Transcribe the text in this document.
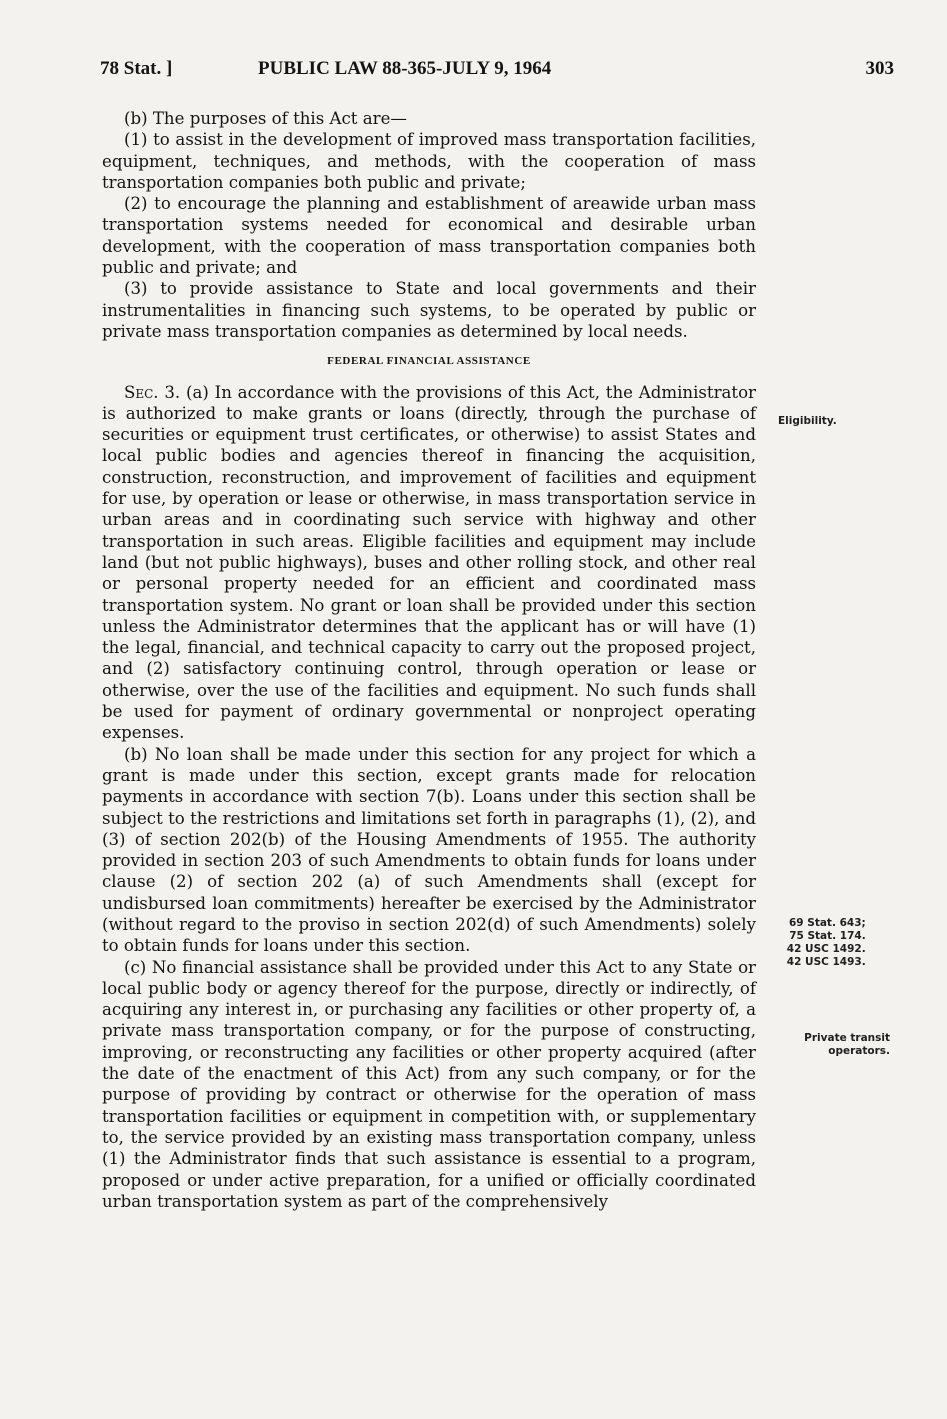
78 Stat. ]	PUBLIC LAW 88-365-JULY 9, 1964	303

(b) The purposes of this Act are—

(1) to assist in the development of improved mass transportation facilities, equipment, techniques, and methods, with the cooperation of mass transportation companies both public and private;

(2) to encourage the planning and establishment of areawide urban mass transportation systems needed for economical and desirable urban development, with the cooperation of mass transportation companies both public and private; and

(3) to provide assistance to State and local governments and their instrumentalities in financing such systems, to be operated by public or private mass transportation companies as determined by local needs.

FEDERAL FINANCIAL ASSISTANCE

Sec. 3. (a) In accordance with the provisions of this Act, the Administrator is authorized to make grants or loans (directly, through the purchase of securities or equipment trust certificates, or otherwise) to assist States and local public bodies and agencies thereof in financing the acquisition, construction, reconstruction, and improvement of facilities and equipment for use, by operation or lease or otherwise, in mass transportation service in urban areas and in coordinating such service with highway and other transportation in such areas. Eligible facilities and equipment may include land (but not public highways), buses and other rolling stock, and other real or personal property needed for an efficient and coordinated mass transportation system. No grant or loan shall be provided under this section unless the Administrator determines that the applicant has or will have (1) the legal, financial, and technical capacity to carry out the proposed project, and (2) satisfactory continuing control, through operation or lease or otherwise, over the use of the facilities and equipment. No such funds shall be used for payment of ordinary governmental or nonproject operating expenses.

(b) No loan shall be made under this section for any project for which a grant is made under this section, except grants made for relocation payments in accordance with section 7(b). Loans under this section shall be subject to the restrictions and limitations set forth in paragraphs (1), (2), and (3) of section 202(b) of the Housing Amendments of 1955. The authority provided in section 203 of such Amendments to obtain funds for loans under clause (2) of section 202 (a) of such Amendments shall (except for undisbursed loan commitments) hereafter be exercised by the Administrator (without regard to the proviso in section 202(d) of such Amendments) solely to obtain funds for loans under this section.

(c) No financial assistance shall be provided under this Act to any State or local public body or agency thereof for the purpose, directly or indirectly, of acquiring any interest in, or purchasing any facilities or other property of, a private mass transportation company, or for the purpose of constructing, improving, or reconstructing any facilities or other property acquired (after the date of the enactment of this Act) from any such company, or for the purpose of providing by contract or otherwise for the operation of mass transportation facilities or equipment in competition with, or supplementary to, the service provided by an existing mass transportation company, unless (1) the Administrator finds that such assistance is essential to a program, proposed or under active preparation, for a unified or officially coordinated urban transportation system as part of the comprehensively

Eligibility.
69 Stat. 643;
75 Stat. 174.
42 USC 1492.
42 USC 1493.
Private transit
operators.
